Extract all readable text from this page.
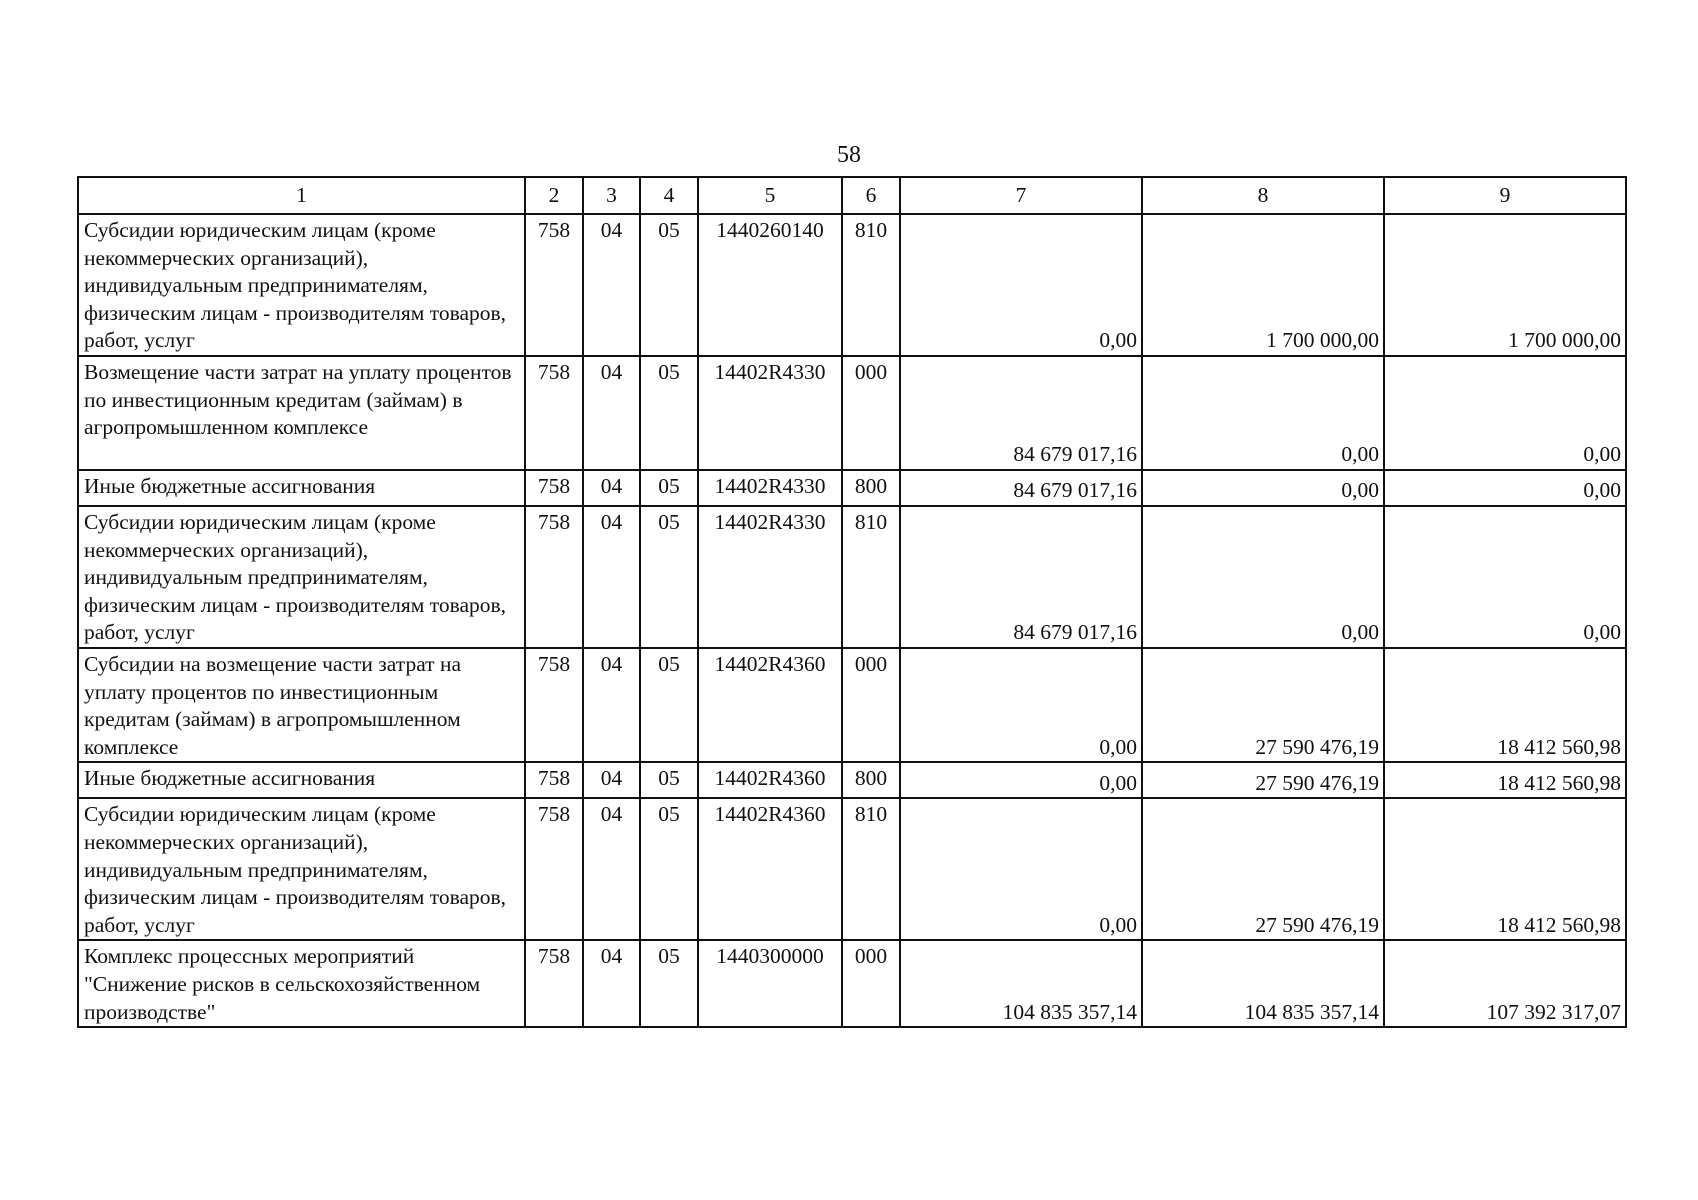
58
1	2	3	4	5	6	7	8	9
Субсидии юридическим лицам (кроме некоммерческих организаций), индивидуальным предпринимателям, физическим лицам - производителям товаров, работ, услуг	758	04	05	1440260140	810	0,00	1 700 000,00	1 700 000,00
Возмещение части затрат на уплату процентов по инвестиционным кредитам (займам) в агропромышленном комплексе	758	04	05	14402R4330	000	84 679 017,16	0,00	0,00
Иные бюджетные ассигнования	758	04	05	14402R4330	800	84 679 017,16	0,00	0,00
Субсидии юридическим лицам (кроме некоммерческих организаций), индивидуальным предпринимателям, физическим лицам - производителям товаров, работ, услуг	758	04	05	14402R4330	810	84 679 017,16	0,00	0,00
Субсидии на возмещение части затрат на уплату процентов по инвестиционным кредитам (займам) в агропромышленном комплексе	758	04	05	14402R4360	000	0,00	27 590 476,19	18 412 560,98
Иные бюджетные ассигнования	758	04	05	14402R4360	800	0,00	27 590 476,19	18 412 560,98
Субсидии юридическим лицам (кроме некоммерческих организаций), индивидуальным предпринимателям, физическим лицам - производителям товаров, работ, услуг	758	04	05	14402R4360	810	0,00	27 590 476,19	18 412 560,98
Комплекс процессных мероприятий "Снижение рисков в сельскохозяйственном производстве"	758	04	05	1440300000	000	104 835 357,14	104 835 357,14	107 392 317,07
